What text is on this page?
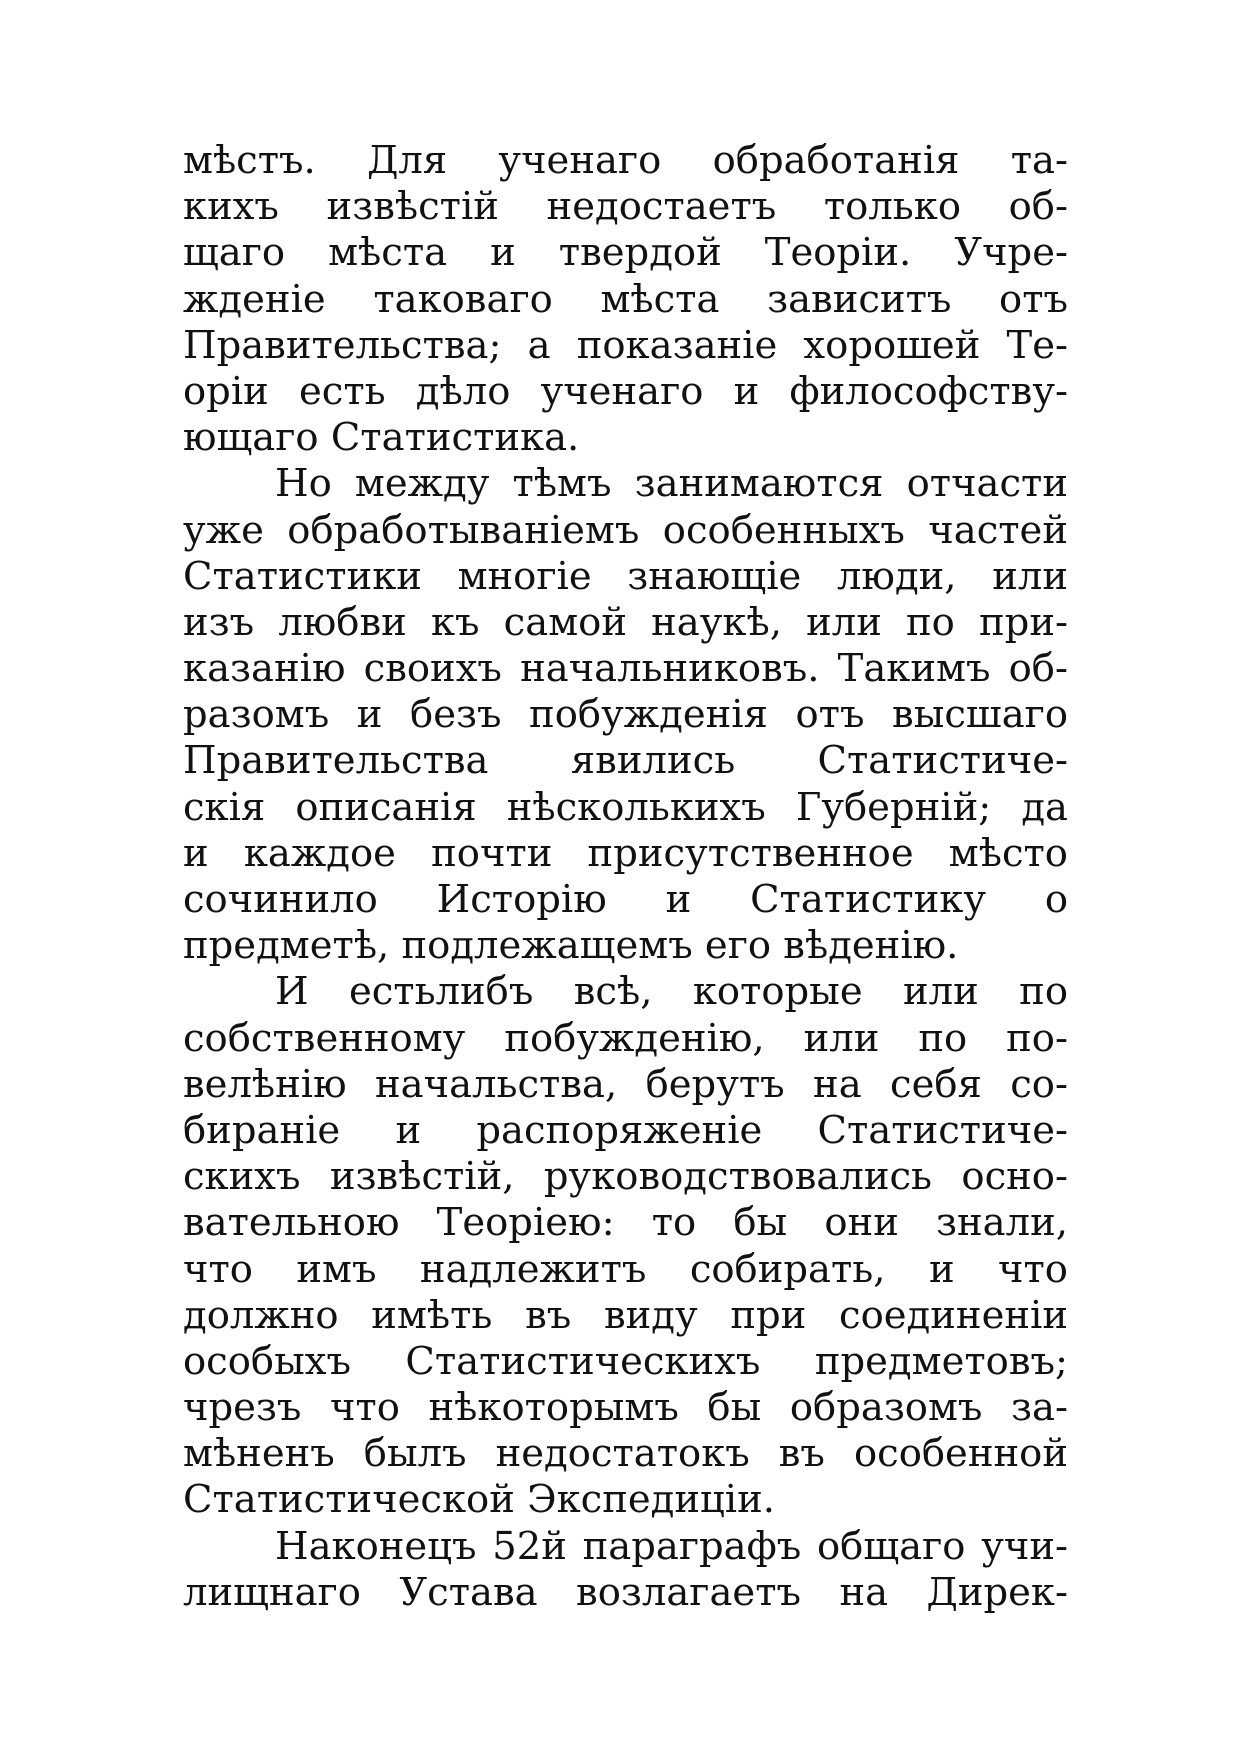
мѣстъ. Для ученаго обработанія та-
кихъ извѣстій недостаетъ только об-
щаго мѣста и твердой Теоріи. Учре-
жденіе таковаго мѣста зависитъ отъ
Правительства; а показаніе хорошей Те-
оріи есть дѣло ученаго и философству-
ющаго Статистика.
Но между тѣмъ занимаются отчасти
уже обработываніемъ особенныхъ частей
Статистики многіе знающіе люди, или
изъ любви къ самой наукѣ, или по при-
казанію своихъ начальниковъ. Такимъ об-
разомъ и безъ побужденія отъ высшаго
Правительства явились Статистиче-
скія описанія нѣсколькихъ Губерній; да
и каждое почти присутственное мѣсто
сочинило Исторію и Статистику о
предметѣ, подлежащемъ его вѣденію.
И естьлибъ всѣ, которые или по
собственному побужденію, или по по-
велѣнію начальства, берутъ на себя со-
бираніе и распоряженіе Статистиче-
скихъ извѣстій, руководствовались осно-
вательною Теоріею: то бы они знали,
что имъ надлежитъ собирать, и что
должно имѣть въ виду при соединеніи
особыхъ Статистическихъ предметовъ;
чрезъ что нѣкоторымъ бы образомъ за-
мѣненъ былъ недостатокъ въ особенной
Статистической Экспедиціи.
Наконецъ 52й параграфъ общаго учи-
лищнаго Устава возлагаетъ на Дирек-
